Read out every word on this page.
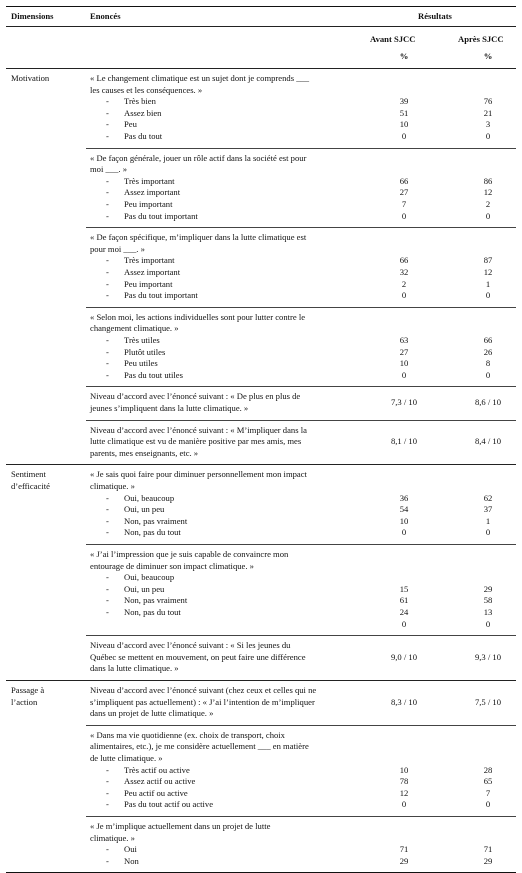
Dimensions	Enoncés	Résultats
Avant SJCC	Après SJCC
%	%
Motivation	« Le changement climatique est un sujet dont je comprends ___
les causes et les conséquences. »
- Très bien	39	76
- Assez bien	51	21
- Peu	10	3
- Pas du tout	0	0
« De façon générale, jouer un rôle actif dans la société est pour
moi ___. »
- Très important	66	86
- Assez important	27	12
- Peu important	7	2
- Pas du tout important	0	0
« De façon spécifique, m’impliquer dans la lutte climatique est
pour moi ___. »
- Très important	66	87
- Assez important	32	12
- Peu important	2	1
- Pas du tout important	0	0
« Selon moi, les actions individuelles sont pour lutter contre le
changement climatique. »
- Très utiles	63	66
- Plutôt utiles	27	26
- Peu utiles	10	8
- Pas du tout utiles	0	0
Niveau d’accord avec l’énoncé suivant : « De plus en plus de
jeunes s’impliquent dans la lutte climatique. »
7,3 / 10	8,6 / 10
Niveau d’accord avec l’énoncé suivant : « M’impliquer dans la
lutte climatique est vu de manière positive par mes amis, mes
parents, mes enseignants, etc. »
8,1 / 10	8,4 / 10
Sentiment
d’efficacité
« Je sais quoi faire pour diminuer personnellement mon impact
climatique. »
- Oui, beaucoup	36	62
- Oui, un peu	54	37
- Non, pas vraiment	10	1
- Non, pas du tout	0	0
« J’ai l’impression que je suis capable de convaincre mon
entourage de diminuer son impact climatique. »
- Oui, beaucoup
- Oui, un peu	15	29
- Non, pas vraiment	61	58
- Non, pas du tout	24	13
0	0
Niveau d’accord avec l’énoncé suivant : « Si les jeunes du
Québec se mettent en mouvement, on peut faire une différence
dans la lutte climatique. »
9,0 / 10	9,3 / 10
Passage à
l’action
Niveau d’accord avec l’énoncé suivant (chez ceux et celles qui ne
s’impliquent pas actuellement) : « J’ai l’intention de m’impliquer
dans un projet de lutte climatique. »
8,3 / 10	7,5 / 10
« Dans ma vie quotidienne (ex. choix de transport, choix
alimentaires, etc.), je me considère actuellement ___ en matière
de lutte climatique. »
- Très actif ou active	10	28
- Assez actif ou active	78	65
- Peu actif ou active	12	7
- Pas du tout actif ou active	0	0
« Je m’implique actuellement dans un projet de lutte
climatique. »
- Oui	71	71
- Non	29	29
